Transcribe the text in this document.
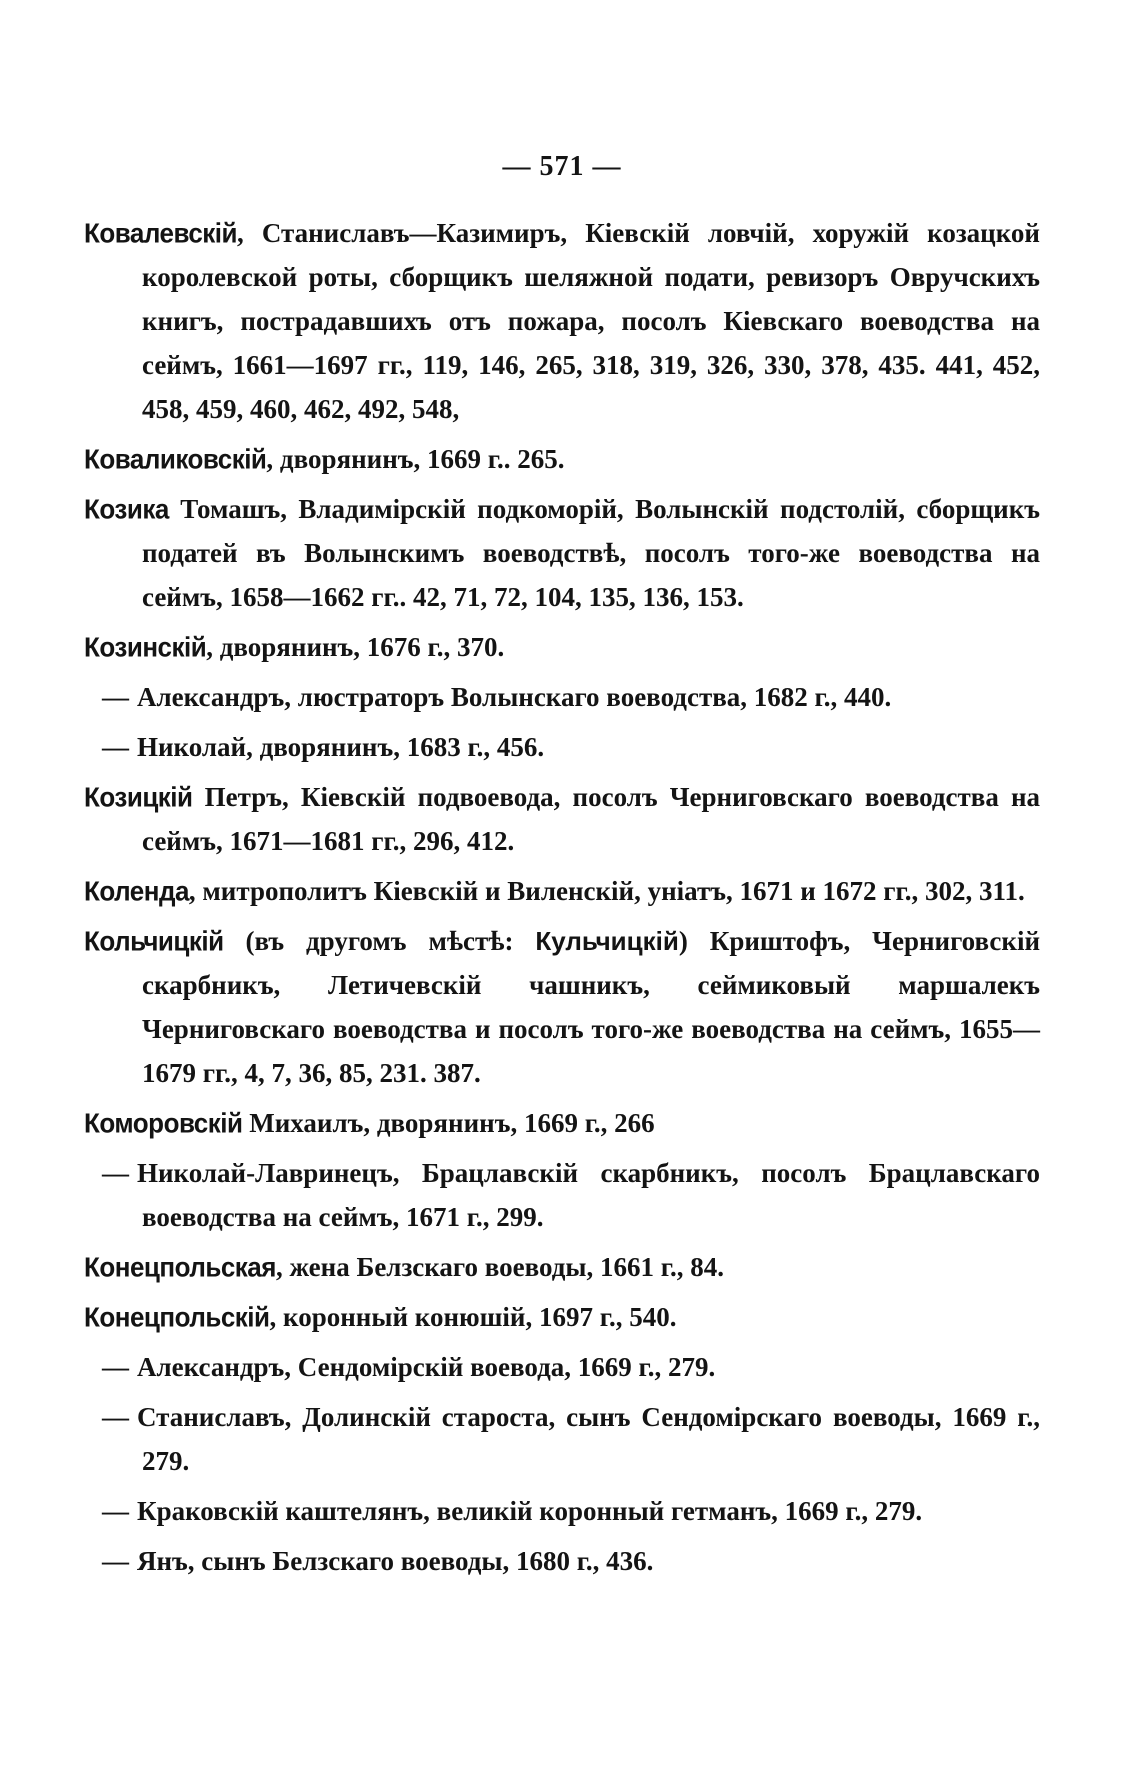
— 571 —

Ковалевскій, Станиславъ—Казимиръ, Кіевскій ловчій, хоружій козацкой королевской роты, сборщикъ шеляжной подати, ревизоръ Овручскихъ книгъ, пострадавшихъ отъ пожара, посолъ Кіевскаго воеводства на сеймъ, 1661—1697 гг., 119, 146, 265, 318, 319, 326, 330, 378, 435. 441, 452, 458, 459, 460, 462, 492, 548,

Коваликовскій, дворянинъ, 1669 г.. 265.

Козика Томашъ, Владимірскій подкоморій, Волынскій подстолій, сборщикъ податей въ Волынскимъ воеводствѣ, посолъ того-же воеводства на сеймъ, 1658—1662 гг.. 42, 71, 72, 104, 135, 136, 153.

Козинскій, дворянинъ, 1676 г., 370.

— Александръ, люстраторъ Волынскаго воеводства, 1682 г., 440.

— Николай, дворянинъ, 1683 г., 456.

Козицкій Петръ, Кіевскій подвоевода, посолъ Черниговскаго воеводства на сеймъ, 1671—1681 гг., 296, 412.

Коленда, митрополитъ Кіевскій и Виленскій, уніатъ, 1671 и 1672 гг., 302, 311.

Кольчицкій (въ другомъ мѣстѣ: Кульчицкій) Криштофъ, Черниговскій скарбникъ, Летичевскій чашникъ, сеймиковый маршалекъ Черниговскаго воеводства и посолъ того-же воеводства на сеймъ, 1655—1679 гг., 4, 7, 36, 85, 231. 387.

Коморовскій Михаилъ, дворянинъ, 1669 г., 266

— Николай-Лавринецъ, Брацлавскій скарбникъ, посолъ Брацлавскаго воеводства на сеймъ, 1671 г., 299.

Конецпольская, жена Белзскаго воеводы, 1661 г., 84.

Конецпольскій, коронный конюшій, 1697 г., 540.

— Александръ, Сендомірскій воевода, 1669 г., 279.

— Станиславъ, Долинскій староста, сынъ Сендомірскаго воеводы, 1669 г., 279.

— Краковскій каштелянъ, великій коронный гетманъ, 1669 г., 279.

— Янъ, сынъ Белзскаго воеводы, 1680 г., 436.
